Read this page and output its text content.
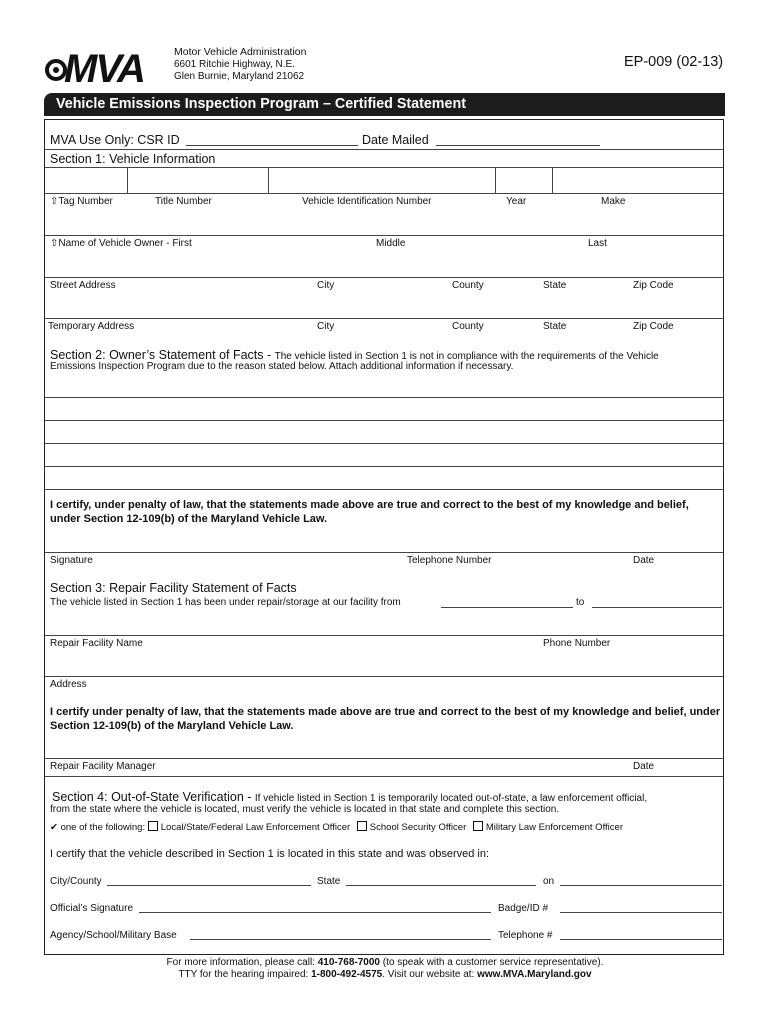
MVA	Motor Vehicle Administration
6601 Ritchie Highway, N.E.
Glen Burnie, Maryland 21062
EP-009 (02-13)
Vehicle Emissions Inspection Program – Certified Statement
MVA Use Only: CSR ID	Date Mailed
Section 1: Vehicle Information
⇧Tag Number	Title Number	Vehicle Identification Number	Year	Make
⇧Name of Vehicle Owner - First	Middle	Last
Street Address	City	County	State	Zip Code
Temporary Address	City	County	State	Zip Code
Section 2: Owner’s Statement of Facts - The vehicle listed in Section 1 is not in compliance with the requirements of the Vehicle
Emissions Inspection Program due to the reason stated below. Attach additional information if necessary.
I certify, under penalty of law, that the statements made above are true and correct to the best of my knowledge and belief,
under Section 12-109(b) of the Maryland Vehicle Law.
Signature	Telephone Number	Date
Section 3: Repair Facility Statement of Facts
The vehicle listed in Section 1 has been under repair/storage at our facility from	to
Repair Facility Name	Phone Number
Address
I certify under penalty of law, that the statements made above are true and correct to the best of my knowledge and belief, under
Section 12-109(b) of the Maryland Vehicle Law.
Repair Facility Manager	Date
Section 4: Out-of-State Verification - If vehicle listed in Section 1 is temporarily located out-of-state, a law enforcement official,
from the state where the vehicle is located, must verify the vehicle is located in that state and complete this section.
✔ one of the following: Local/State/Federal Law Enforcement Officer School Security Officer Military Law Enforcement Officer
I certify that the vehicle described in Section 1 is located in this state and was observed in:
City/County	State	on
Official’s Signature	Badge/ID #
Agency/School/Military Base	Telephone #
For more information, please call: 410-768-7000 (to speak with a customer service representative).
TTY for the hearing impaired: 1-800-492-4575. Visit our website at: www.MVA.Maryland.gov
